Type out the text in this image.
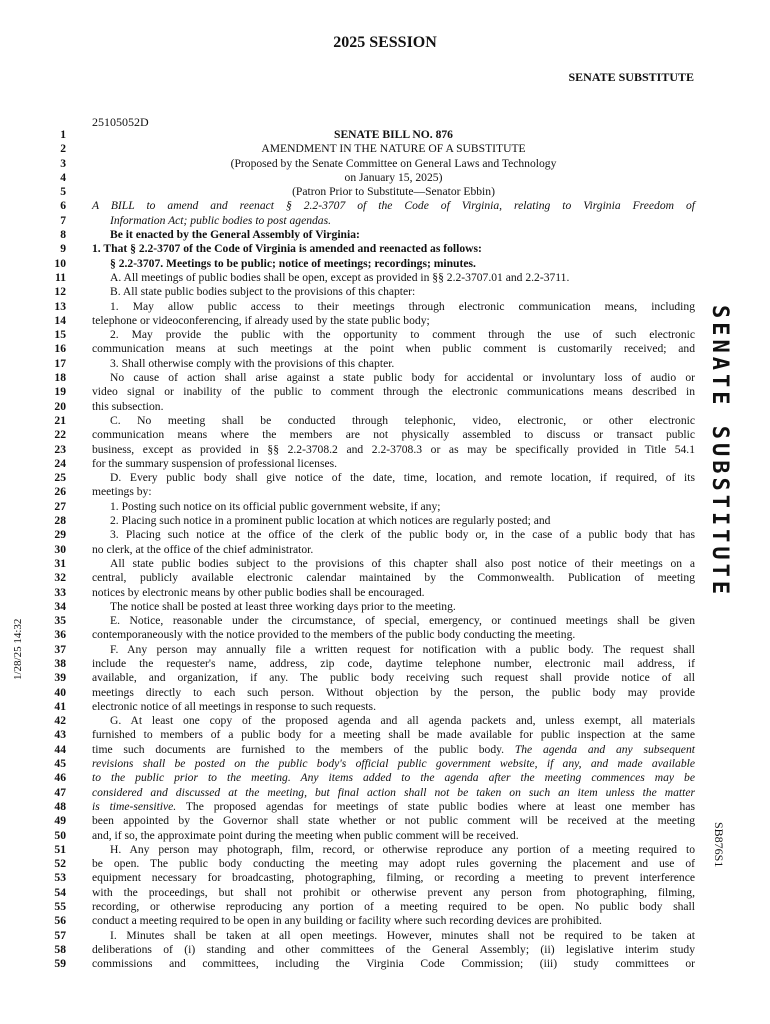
2025 SESSION
SENATE SUBSTITUTE
25105052D
SENATE SUBSTITUTE
SB876S1
1/28/25 14:32
1	SENATE BILL NO. 876
2	AMENDMENT IN THE NATURE OF A SUBSTITUTE
3	(Proposed by the Senate Committee on General Laws and Technology
4	on January 15, 2025)
5	(Patron Prior to Substitute—Senator Ebbin)
6 A BILL to amend and reenact § 2.2-3707 of the Code of Virginia, relating to Virginia Freedom of
7	Information Act; public bodies to post agendas.
8	Be it enacted by the General Assembly of Virginia:
9 1. That § 2.2-3707 of the Code of Virginia is amended and reenacted as follows:
10	§ 2.2-3707. Meetings to be public; notice of meetings; recordings; minutes.
11	A. All meetings of public bodies shall be open, except as provided in §§ 2.2-3707.01 and 2.2-3711.
12	B. All state public bodies subject to the provisions of this chapter:
13	1. May allow public access to their meetings through electronic communication means, including
14 telephone or videoconferencing, if already used by the state public body;
15	2. May provide the public with the opportunity to comment through the use of such electronic
16 communication means at such meetings at the point when public comment is customarily received; and
17	3. Shall otherwise comply with the provisions of this chapter.
18	No cause of action shall arise against a state public body for accidental or involuntary loss of audio or
19 video signal or inability of the public to comment through the electronic communications means described in
20 this subsection.
21	C. No meeting shall be conducted through telephonic, video, electronic, or other electronic
22 communication means where the members are not physically assembled to discuss or transact public
23 business, except as provided in §§ 2.2-3708.2 and 2.2-3708.3 or as may be specifically provided in Title 54.1
24 for the summary suspension of professional licenses.
25	D. Every public body shall give notice of the date, time, location, and remote location, if required, of its
26 meetings by:
27	1. Posting such notice on its official public government website, if any;
28	2. Placing such notice in a prominent public location at which notices are regularly posted; and
29	3. Placing such notice at the office of the clerk of the public body or, in the case of a public body that has
30 no clerk, at the office of the chief administrator.
31	All state public bodies subject to the provisions of this chapter shall also post notice of their meetings on a
32 central, publicly available electronic calendar maintained by the Commonwealth. Publication of meeting
33 notices by electronic means by other public bodies shall be encouraged.
34	The notice shall be posted at least three working days prior to the meeting.
35	E. Notice, reasonable under the circumstance, of special, emergency, or continued meetings shall be given
36 contemporaneously with the notice provided to the members of the public body conducting the meeting.
37	F. Any person may annually file a written request for notification with a public body. The request shall
38 include the requester's name, address, zip code, daytime telephone number, electronic mail address, if
39 available, and organization, if any. The public body receiving such request shall provide notice of all
40 meetings directly to each such person. Without objection by the person, the public body may provide
41 electronic notice of all meetings in response to such requests.
42	G. At least one copy of the proposed agenda and all agenda packets and, unless exempt, all materials
43 furnished to members of a public body for a meeting shall be made available for public inspection at the same
44 time such documents are furnished to the members of the public body. The agenda and any subsequent
45 revisions shall be posted on the public body's official public government website, if any, and made available
46 to the public prior to the meeting. Any items added to the agenda after the meeting commences may be
47 considered and discussed at the meeting, but final action shall not be taken on such an item unless the matter
48 is time-sensitive. The proposed agendas for meetings of state public bodies where at least one member has
49 been appointed by the Governor shall state whether or not public comment will be received at the meeting
50 and, if so, the approximate point during the meeting when public comment will be received.
51	H. Any person may photograph, film, record, or otherwise reproduce any portion of a meeting required to
52 be open. The public body conducting the meeting may adopt rules governing the placement and use of
53 equipment necessary for broadcasting, photographing, filming, or recording a meeting to prevent interference
54 with the proceedings, but shall not prohibit or otherwise prevent any person from photographing, filming,
55 recording, or otherwise reproducing any portion of a meeting required to be open. No public body shall
56 conduct a meeting required to be open in any building or facility where such recording devices are prohibited.
57	I. Minutes shall be taken at all open meetings. However, minutes shall not be required to be taken at
58 deliberations of (i) standing and other committees of the General Assembly; (ii) legislative interim study
59 commissions and committees, including the Virginia Code Commission; (iii) study committees or
